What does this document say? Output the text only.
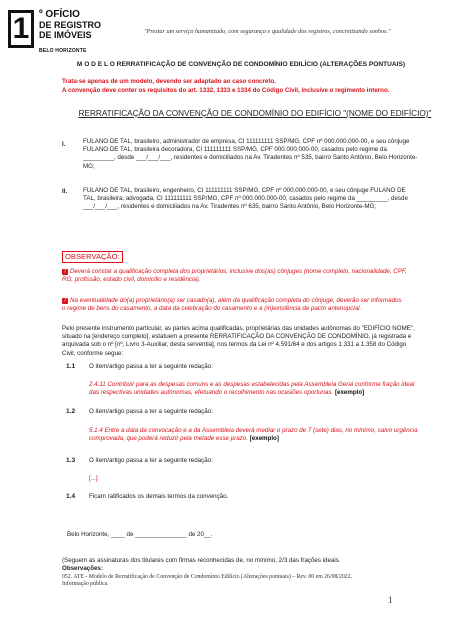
1 º OFÍCIO
DE REGISTRO
DE IMÓVEIS
BELO HORIZONTE
"Prestar um serviço humanizado, com segurança e qualidade dos registros, concretizando sonhos."
M O D E L O RERRATIFICAÇÃO DE CONVENÇÃO DE CONDOMÍNIO EDILÍCIO (ALTERAÇÕES PONTUAIS)
Trata-se apenas de um modelo, devendo ser adaptado ao caso concreto.
A convenção deve conter os requisitos do art. 1332, 1333 e 1334 do Código Civil, inclusive o regimento interno.
RERRATIFICAÇÃO DA CONVENÇÃO DE CONDOMÍNIO DO EDIFÍCIO "(NOME DO EDIFÍCIO)"
I.	FULANO DE TAL, brasileiro, administrador de empresa, CI 111111111 SSP/MG, CPF nº 000.000.000-00, e seu cônjuge
FULANO DE TAL, brasileira decoradora, CI 111111111 SSP/MG, CPF 000.000.000-00, casados pelo regime da
_________, desde ___/___/___, residentes e domiciliados na Av. Tiradentes nº 535, bairro Santo Antônio, Belo Horizonte-
MG;
II.	FULANO DE TAL, brasileiro, engenheiro, CI 111111111 SSP/MG, CPF nº 000.000.000-00, e seu cônjuge FULANO DE
TAL, brasileira, advogada, CI 111111111 SSP/MG, CPF nº 000.000.000-00, casados pelo regime da _________, desde
___/___/___, residentes e domiciliados na Av. Tiradentes nº 635, bairro Santo Antônio, Belo Horizonte-MG;
OBSERVAÇÃO:
! Deverá constar a qualificação completa dos proprietários, inclusive dos(as) cônjuges (nome completo, nacionalidade, CPF,
RG, profissão, estado civil, domicílio e residência).
! Na eventualidade do(a) proprietário(a) ser casado(a), além da qualificação completa do cônjuge, deverão ser informados
o regime de bens do casamento, a data da celebração do casamento e a (in)existência de pacto antenupcial.
Pelo presente instrumento particular, as partes acima qualificadas, proprietárias das unidades autônomas do "EDIFÍCIO NOME",
situado na [endereço completo], estatuem a presente RERRATIFICAÇÃO DA CONVENÇÃO DE CONDOMÍNIO, já registrada e
arquivada sob o nº [nº, Livro 3-Auxiliar, desta serventia], nos termos da Lei nº 4.591/64 e dos artigos 1.331 a 1.358 do Código
Civil, conforme segue:
1.1 O item/artigo passa a ter a seguinte redação:
2.4.11 Contribuir para as despesas comuns e as despesas estabelecidas pela Assembleia Geral conforme fração ideal
das respectivas unidades autônomas, efetuando o recolhimento nas ocasiões oportunas. [exemplo]
1.2 O item/artigo passa a ter a seguinte redação:
5.1.4 Entre a data da convocação e a da Assembleia deverá mediar o prazo de 7 (sete) dias, no mínimo, salvo urgência
comprovada, que poderá reduzir pela metade esse prazo. [exemplo]
1.3 O item/artigo passa a ter a seguinte redação:
[...]
1.4 Ficam ratificados os demais termos da convenção.
Belo Horizonte, ____ de _______________ de 20__.
(Seguem as assinaturas dos titulares com firmas reconhecidas de, no mínimo, 2/3 das frações ideais.
Observações:
052. ATE - Modelo de Rerratificação de Convenção de Condomínio Edilício (Alterações pontuais) – Rev. 00 em 26/08/2022.
Informação pública.
1
